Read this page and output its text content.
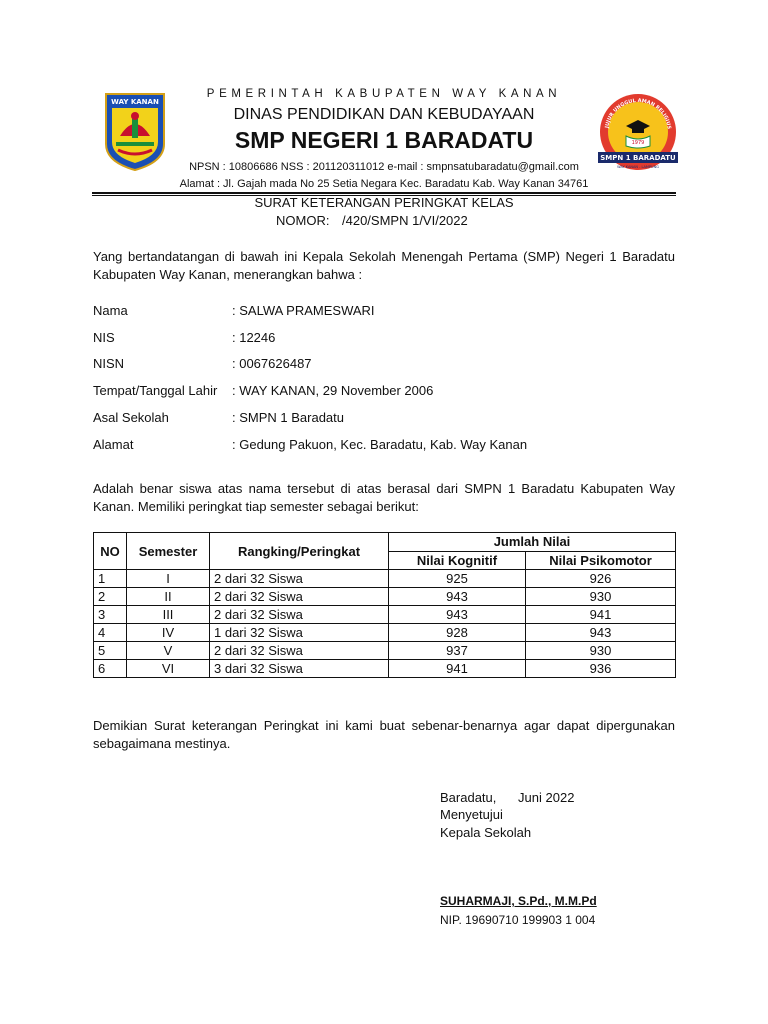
WAY KANAN
JUJUR UNGGUL AMAN RELIGIUS
1979
SMPN 1 BARADATU
WAY KANAN - LAMPUNG
PEMERINTAH KABUPATEN WAY KANAN
DINAS PENDIDIKAN DAN KEBUDAYAAN
SMP NEGERI 1 BARADATU
NPSN : 10806686 NSS : 201120311012 e-mail : smpnsatubaradatu@gmail.com
Alamat : Jl. Gajah mada No 25 Setia Negara Kec. Baradatu Kab. Way Kanan 34761
SURAT KETERANGAN PERINGKAT KELAS
NOMOR: /420/SMPN 1/VI/2022
Yang bertandatangan di bawah ini Kepala Sekolah Menengah Pertama (SMP) Negeri 1 Baradatu Kabupaten Way Kanan, menerangkan bahwa :
Nama	: SALWA PRAMESWARI
NIS	: 12246
NISN	: 0067626487
Tempat/Tanggal Lahir : WAY KANAN, 29 November 2006
Asal Sekolah	: SMPN 1 Baradatu
Alamat	: Gedung Pakuon, Kec. Baradatu, Kab. Way Kanan
Adalah benar siswa atas nama tersebut di atas berasal dari SMPN 1 Baradatu Kabupaten Way Kanan. Memiliki peringkat tiap semester sebagai berikut:
NO	Semester	Rangking/Peringkat	Jumlah Nilai	
			Nilai Kognitif	Nilai Psikomotor
1	I	2 dari 32 Siswa	925	926
2	II	2 dari 32 Siswa	943	930
3	III	2 dari 32 Siswa	943	941
4	IV	1 dari 32 Siswa	928	943
5	V	2 dari 32 Siswa	937	930
6	VI	3 dari 32 Siswa	941	936
Demikian Surat keterangan Peringkat ini kami buat sebenar-benarnya agar dapat dipergunakan sebagaimana mestinya.
Baradatu,      Juni 2022
Menyetujui
Kepala Sekolah
SUHARMAJI, S.Pd., M.M.Pd
NIP. 19690710 199903 1 004
